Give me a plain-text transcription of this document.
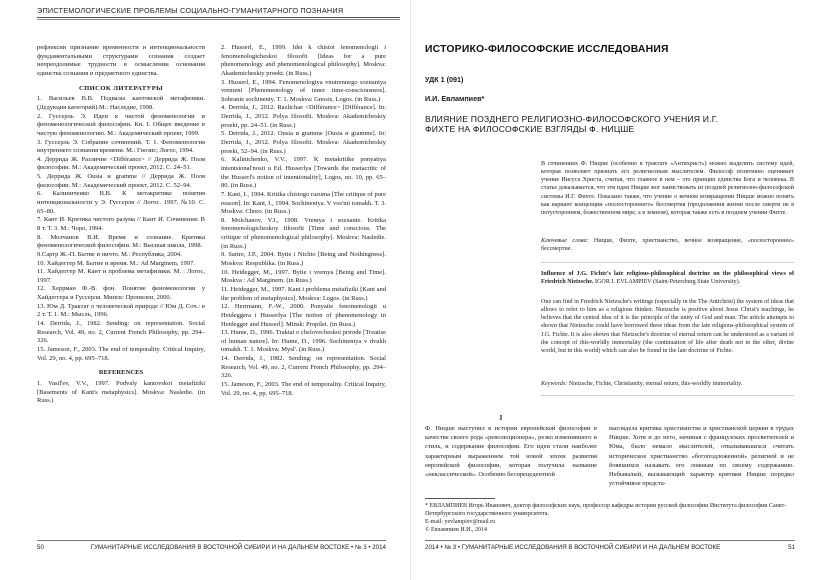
ЭПИСТЕМОЛОГИЧЕСКИЕ ПРОБЛЕМЫ СОЦИАЛЬНО-ГУМАНИТАРНОГО ПОЗНАНИЯ

рефлексии признание временности и интенциональности фундаментальными структурами сознания создает непреодолимые трудности в осмыслении основания единства сознания и предметного единства.

СПИСОК ЛИТЕРАТУРЫ

1. Васильев В.В. Подвалы кантовской метафизики. (Дедукция категорий).М.: Наследие, 1998.

2. Гуссерль Э. Идеи к чистой феноменологии и феноменологической философии. Кн. I. Общее введение в чистую феноменологию. М.: Академический проект, 1999.

3. Гуссерль Э. Собрание сочинений. Т. 1. Феноменология внутреннего сознания времени. М.: Гнозис; Логос, 1994.

4. Деррида Ж. Различие <Différance> // Деррида Ж. Поля философии. М.: Академический проект, 2012. С. 24–51.

5. Деррида Ж. Ousia и gramme // Деррида Ж. Поля философии. М.: Академический проект, 2012. С. 52–94.

6. Калиниченко В.В. К метакритике понятия интенциональности у Э. Гуссерля // Логос. 1997. №10. С. 65–80.

7. Кант И. Критика чистого разума // Кант И. Сочинения: В 8 т. Т. 3. М.: Чоро, 1994.

8. Молчанов В.И. Время и сознание. Критика феноменологической философии. М.: Высшая школа, 1998.

9.Сартр Ж.-П. Бытие и ничто. М.: Республика, 2004.

10. Хайдеггер М. Бытие и время. М.: Ad Marginem, 1997.

11. Хайдеггер М. Кант и проблема метафизики. М. : Логос, 1997.

12. Херрман Ф.-В. фон. Понятие феноменологии у Хайдеггера и Гуссерля. Минск: Пропилеи, 2000.

13. Юм Д. Трактат о человеческой природе // Юм Д. Соч.: в 2 т. Т. 1. М.: Мысль, 1996.

14. Derrida, J., 1982. Sending: on representation. Social Research, Vol. 49, no. 2, Current French Philosophy, pp. 294–326.

15. Jameson, F., 2003. The end of temporality. Critical Inquiry, Vol. 29, no. 4, pp. 695–718.

REFERENCES

1. Vasil'ev, V.V., 1997. Podvaly kantovskoi metafiziki [Basements of Kant's metaphysics]. Moskva: Nasledie. (in Russ.)

2. Husserl, E., 1999. Idei k chistoi fenomenologii i fenomenologicheskoi filosofii [Ideas for a pure phenomenology and phenomenological philosophy]. Moskva: Akademicheskiy proekt. (in Russ.)

3. Husserl, E., 1994. Fenomenologiya vnutrennego soznaniya vremeni [Phenomenology of inner time-consciousness]. Sobranie sochineniy. T. 1. Moskva: Gnosis, Logos. (in Russ.)

4. Derrida, J., 2012. Razlichae <Différance> [Différance]. In: Derrida, J., 2012. Polya filosofii. Moskva: Akademicheskiy proekt, pp. 24–51. (in Russ.)

5. Derrida, J., 2012. Ousia и gramme [Ousia и gramme]. In: Derrida, J., 2012. Polya filosofii. Moskva: Akademicheskiy proekt, 52–94. (in Russ.)

6. Kalinichenko, V.V., 1997. K metakritike ponyatiya intentsional'nosti u Ed. Husserlya [Towards the metacritic of the Husserl's notion of intentionality], Logos, no. 10, pp. 65–80. (in Russ.)

7. Kant, I., 1994. Kritika chistogo razuma [The critique of pure reason]. In: Kant, I., 1994. Sochineniya. V vos'mi tomakh. T. 3. Moskva: Choro. (in Russ.)

8. Molchanov, V.I., 1998. Vremya i soznanie. Kritika fenomenologicheskoy filosofii [Time and conscious. The critique of phenomenological philosophy]. Moskva: Nasledie. (in Russ.)

9. Sartre, J.P., 2004. Bytie i Nichto [Being and Nothingness]. Moskva: Respublika. (in Russ.)

10. Heidegger, M., 1997. Bytie i vremya [Being and Time]. Moskva : Ad Marginem. (in Russ.)

11. Heidegger, M., 1997. Kant i problema metafiziki [Kant and the problem of metaphysics]. Moskva: Logos. (in Russ.)

12. Herrmann, F.-W., 2000. Ponyatie fenomenologii u Heideggera i Husserlya [The notion of phenomenology in Heidegger and Husserl]. Minsk: Propilei. (in Russ.)

13. Hume, D., 1996. Traktat o chelovecheskoi prirode [Treatise of human nature]. In: Hume, D., 1996. Sochineniya v dvukh tomakh. T. 1. Moskva: Mysl'. (in Russ.)

14. Derrida, J., 1982. Sending: on representation. Social Research, Vol. 49, no. 2, Current French Philosophy, pp. 294–326.

15. Jameson, F., 2003. The end of temporality. Critical Inquiry, Vol. 29, no. 4, pp. 695–718.

50	ГУМАНИТАРНЫЕ ИССЛЕДОВАНИЯ В ВОСТОЧНОЙ СИБИРИ И НА ДАЛЬНЕМ ВОСТОКЕ • № 3 • 2014
ИСТОРИКО-ФИЛОСОФСКИЕ ИССЛЕДОВАНИЯ
УДК 1 (091)
И.И. Евлампиев*
ВЛИЯНИЕ ПОЗДНЕГО РЕЛИГИОЗНО-ФИЛОСОФСКОГО УЧЕНИЯ И.Г. ФИХТЕ НА ФИЛОСОФСКИЕ ВЗГЛЯДЫ Ф. НИЦШЕ
В сочинениях Ф. Ницше (особенно в трактате «Антихрист») можно выделить систему идей, которая позволяет признать его религиозным мыслителем. Философ позитивно оценивает учение Иисуса Христа, считая, что главное в нем – это принцип единства Бога и человека. В статье доказывается, что эти идеи Ницше мог заимствовать из поздней религиозно-философской системы И.Г. Фихте. Показано также, что учение о вечном возвращении Ницше можно понять как вариант концепции «посюстороннего» бессмертия (продолжения жизни после смерти не в потустороннем, божественном мире, а в земном), которая также есть в позднем учении Фихте.
Ключевые слова: Ницше, Фихте, христианство, вечное возвращение, «посюстороннее» бессмертие.
Influence of J.G. Fichte's late religious-philosophical doctrine on the philosophical views of Friedrich Nietzsche. IGOR I. EVLAMPIEV (Saint-Petersburg State University).
One can find in Friedrich Nietzsche's writings (especially in the The Antichrist) the system of ideas that allows to refer to him as a religious thinker. Nietzsche is positive about Jesus Christ's teachings, he believes that the central idea of it is the principle of the unity of God and man. The article attempts to shown that Nietzsche could have borrowed these ideas from the late religious-philosophical system of J.G. Fichte. It is also shown that Nietzsche's doctrine of eternal return can be understood as a variant of the concept of this-worldly immortality (the continuation of life after death not in the other, divine world, but in this world) which can also be found in the late doctrine of Fichte.
Keywords: Nietzsche, Fichte, Christianity, eternal return, this-worldly immortality.
I
Ф. Ницше выступил в истории европейской философии в качестве своего рода «революционера», резко изменившего и стиль, и содержание философии. Его идеи стали наиболее характерным выражением той новой эпохи развития европейской философии, которая получила название «неклассической». Особенно беспрецедентной
выглядела критика христианства и христианской церкви в трудах Ницше. Хотя и до него, начиная с французских просветителей и Юма, было немало мыслителей, отказывавшихся считать историческое христианство «богоподложенной» религией и не боявшихся называть его ложным по своему содержанию. Небывалый, вызывающий характер критики Ницше породил устойчивое предста-
* ЕВЛАМПИЕВ Игорь Иванович, доктор философских наук, профессор кафедры истории русской философии Института философии Санкт-Петербургского государственного университета.
E-mail: yevlampiev@mail.ru
© Евлампиев И.И., 2014
2014 • № 3 • ГУМАНИТАРНЫЕ ИССЛЕДОВАНИЯ В ВОСТОЧНОЙ СИБИРИ И НА ДАЛЬНЕМ ВОСТОКЕ	51
